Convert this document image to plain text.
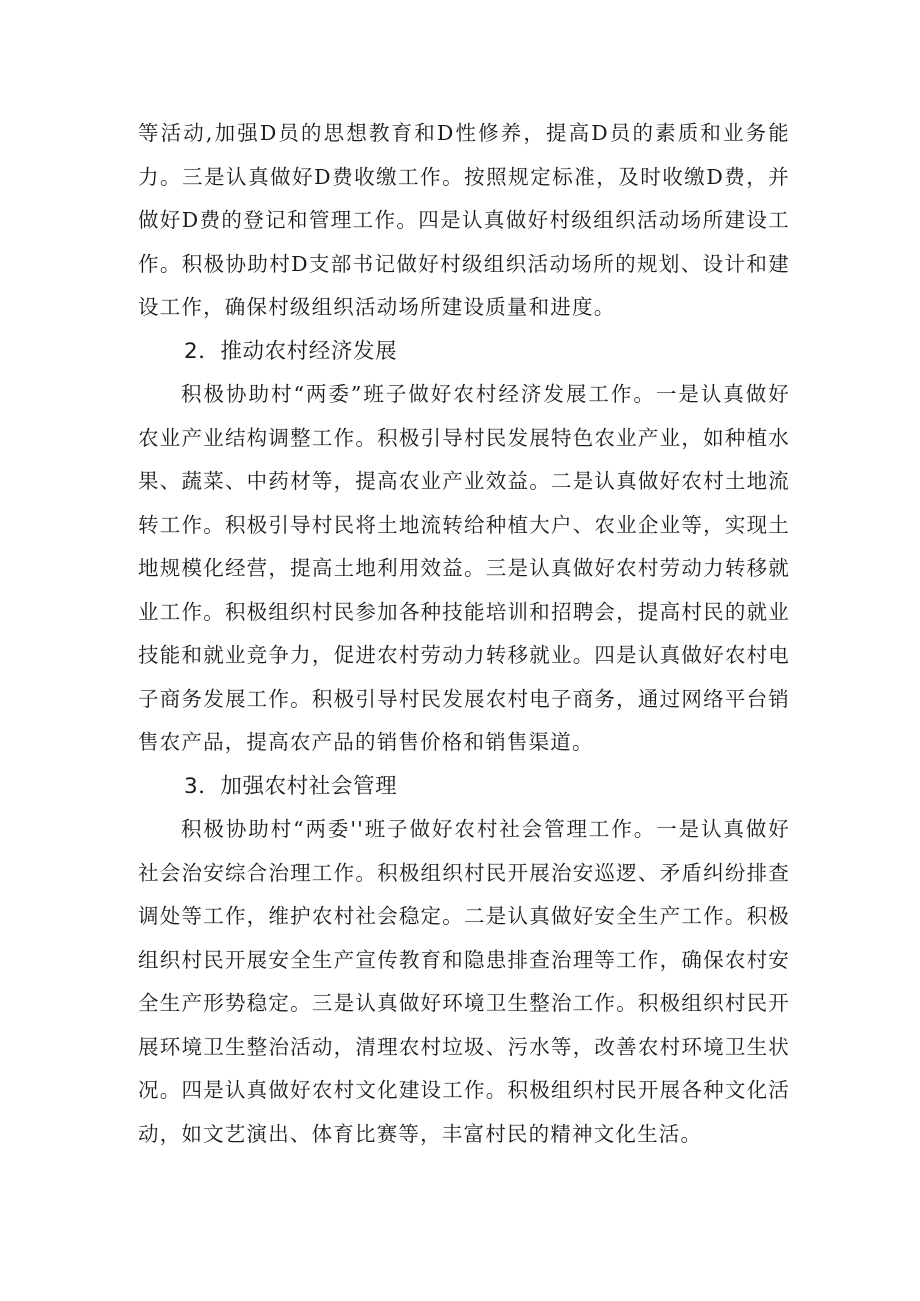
等活动,加强D员的思想教育和D性修养，提高D员的素质和业务能力。三是认真做好D费收缴工作。按照规定标准，及时收缴D费，并做好D费的登记和管理工作。四是认真做好村级组织活动场所建设工作。积极协助村D支部书记做好村级组织活动场所的规划、设计和建设工作，确保村级组织活动场所建设质量和进度。

2．推动农村经济发展

积极协助村“两委”班子做好农村经济发展工作。一是认真做好农业产业结构调整工作。积极引导村民发展特色农业产业，如种植水果、蔬菜、中药材等，提高农业产业效益。二是认真做好农村土地流转工作。积极引导村民将土地流转给种植大户、农业企业等，实现土地规模化经营，提高土地利用效益。三是认真做好农村劳动力转移就业工作。积极组织村民参加各种技能培训和招聘会，提高村民的就业技能和就业竞争力，促进农村劳动力转移就业。四是认真做好农村电子商务发展工作。积极引导村民发展农村电子商务，通过网络平台销售农产品，提高农产品的销售价格和销售渠道。

3．加强农村社会管理

积极协助村“两委''班子做好农村社会管理工作。一是认真做好社会治安综合治理工作。积极组织村民开展治安巡逻、矛盾纠纷排查调处等工作，维护农村社会稳定。二是认真做好安全生产工作。积极组织村民开展安全生产宣传教育和隐患排查治理等工作，确保农村安全生产形势稳定。三是认真做好环境卫生整治工作。积极组织村民开展环境卫生整治活动，清理农村垃圾、污水等，改善农村环境卫生状况。四是认真做好农村文化建设工作。积极组织村民开展各种文化活动，如文艺演出、体育比赛等，丰富村民的精神文化生活。
